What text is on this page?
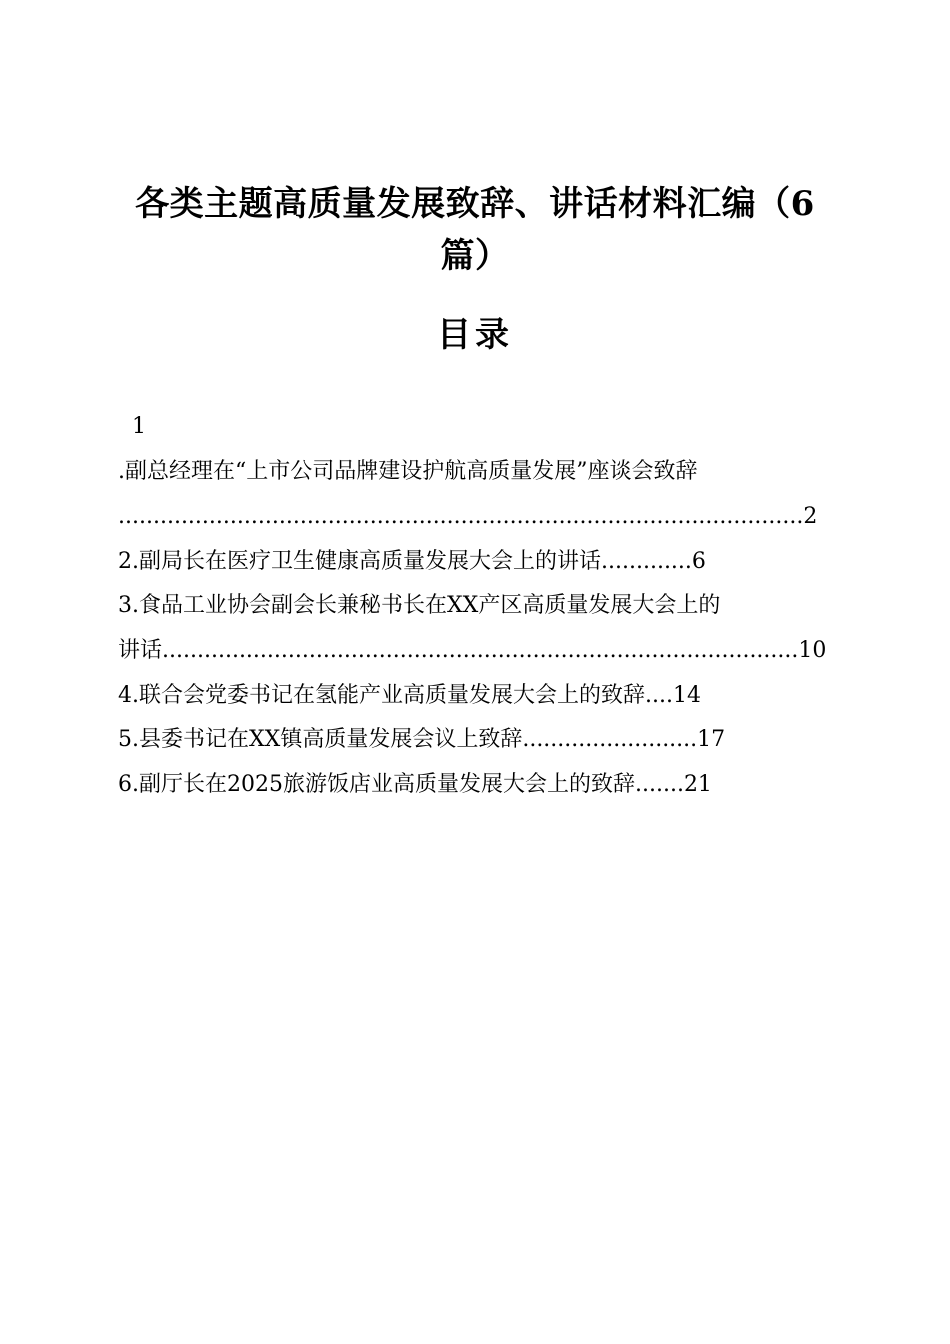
各类主题高质量发展致辞、讲话材料汇编（6
篇）
目录
1
.副总经理在“上市公司品牌建设护航高质量发展”座谈会致辞
..................................................................................................2
2.副局长在医疗卫生健康高质量发展大会上的讲话.............6
3.食品工业协会副会长兼秘书长在XX产区高质量发展大会上的
讲话...........................................................................................10
4.联合会党委书记在氢能产业高质量发展大会上的致辞....14
5.县委书记在XX镇高质量发展会议上致辞.........................17
6.副厅长在2025旅游饭店业高质量发展大会上的致辞.......21
